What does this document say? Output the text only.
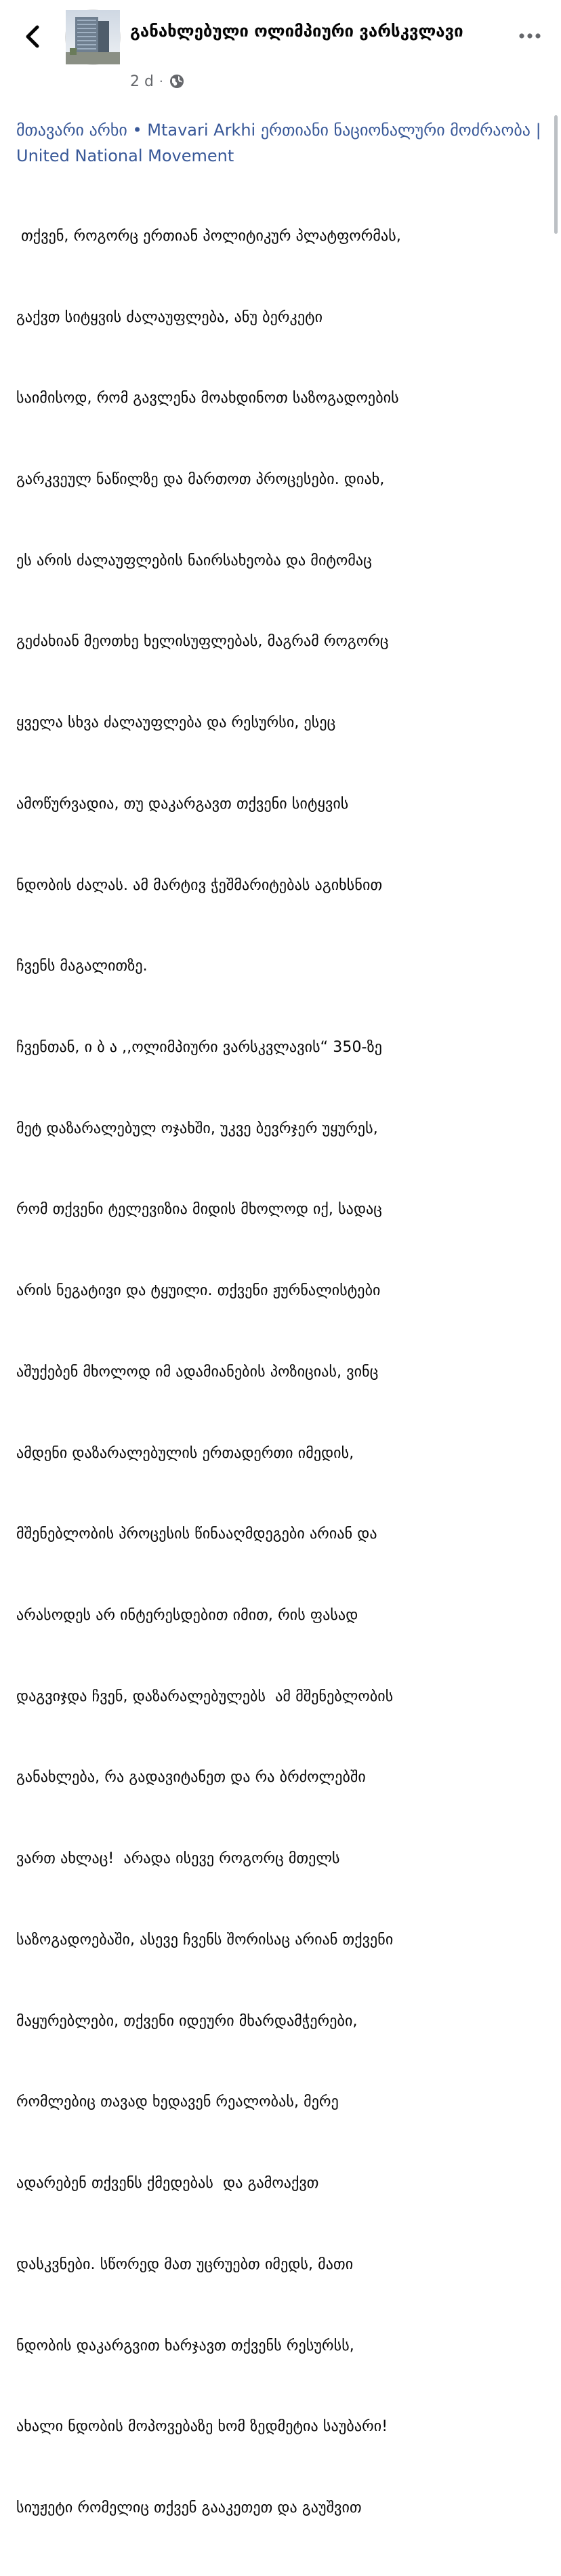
განახლებული ოლიმპიური ვარსკვლავი
2 d ·

მთავარი არხი • Mtavari Arkhi ერთიანი ნაციონალური მოძრაობა | United National Movement

თქვენ, როგორც ერთიან პოლიტიკურ პლატფორმას,

გაქვთ სიტყვის ძალაუფლება, ანუ ბერკეტი

საიმისოდ, რომ გავლენა მოახდინოთ საზოგადოების

გარკვეულ ნაწილზე და მართოთ პროცესები. დიახ,

ეს არის ძალაუფლების ნაირსახეობა და მიტომაც

გეძახიან მეოთხე ხელისუფლებას, მაგრამ როგორც

ყველა სხვა ძალაუფლება და რესურსი, ესეც

ამოწურვადია, თუ დაკარგავთ თქვენი სიტყვის

ნდობის ძალას. ამ მარტივ ჭეშმარიტებას აგიხსნით

ჩვენს მაგალითზე.

ჩვენთან, ი ბ ა ,,ოლიმპიური ვარსკვლავის“ 350-ზე

მეტ დაზარალებულ ოჯახში, უკვე ბევრჯერ უყურეს,

რომ თქვენი ტელევიზია მიდის მხოლოდ იქ, სადაც

არის ნეგატივი და ტყუილი. თქვენი ჟურნალისტები

აშუქებენ მხოლოდ იმ ადამიანების პოზიციას, ვინც

ამდენი დაზარალებულის ერთადერთი იმედის,

მშენებლობის პროცესის წინააღმდეგები არიან და

არასოდეს არ ინტერესდებით იმით, რის ფასად

დაგვიჯდა ჩვენ, დაზარალებულებს  ამ მშენებლობის

განახლება, რა გადავიტანეთ და რა ბრძოლებში

ვართ ახლაც!  არადა ისევე როგორც მთელს

საზოგადოებაში, ასევე ჩვენს შორისაც არიან თქვენი

მაყურებლები, თქვენი იდეური მხარდამჭერები,

რომლებიც თავად ხედავენ რეალობას, მერე

ადარებენ თქვენს ქმედებას  და გამოაქვთ

დასკვნები. სწორედ მათ უცრუებთ იმედს, მათი

ნდობის დაკარგვით ხარჯავთ თქვენს რესურსს,

ახალი ნდობის მოპოვებაზე ხომ ზედმეტია საუბარი!

სიუჟეტი რომელიც თქვენ გააკეთეთ და გაუშვით
